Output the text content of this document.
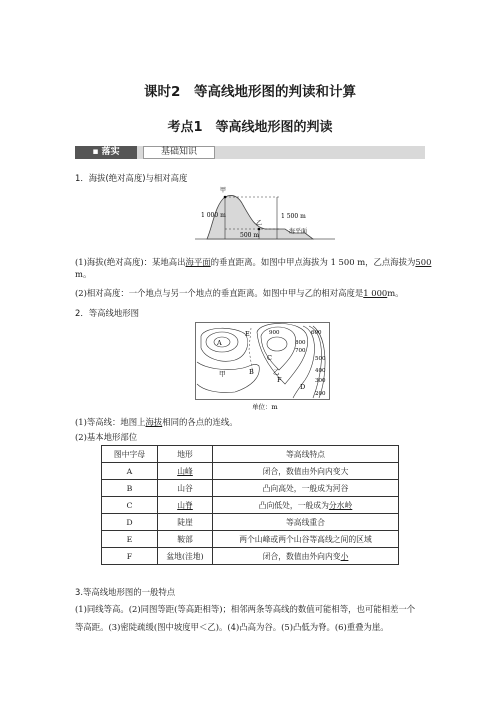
课时2　等高线地形图的判读和计算
考点1　等高线地形图的判读
▪ 落实	基础知识
1．海拔(绝对高度)与相对高度
甲
乙
1 000 m	1 500 m
500 m
海平面
(1)海拔(绝对高度)：某地高出海平面的垂直距离。如图中甲点海拔为 1 500 m，乙点海拔为500
m。
(2)相对高度：一个地点与另一个地点的垂直距离。如图中甲与乙的相对高度是1 000m。
2．等高线地形图
A
B
C
D
E
F
甲	乙
900
800
700
600
500
400
300
200
单位：m
(1)等高线：地图上海拔相同的各点的连线。
(2)基本地形部位
图中字母	地形	等高线特点
A	山峰	闭合，数值由外向内变大
B	山谷	凸向高处，一般成为河谷
C	山脊	凸向低处，一般成为分水岭
D	陡崖	等高线重合
E	鞍部	两个山峰或两个山谷等高线之间的区域
F	盆地(洼地)	闭合，数值由外向内变小
3.等高线地形图的一般特点
(1)同线等高。(2)同图等距(等高距相等)；相邻两条等高线的数值可能相等，也可能相差一个
等高距。(3)密陡疏缓(图中坡度甲＜乙)。(4)凸高为谷。(5)凸低为脊。(6)重叠为崖。
